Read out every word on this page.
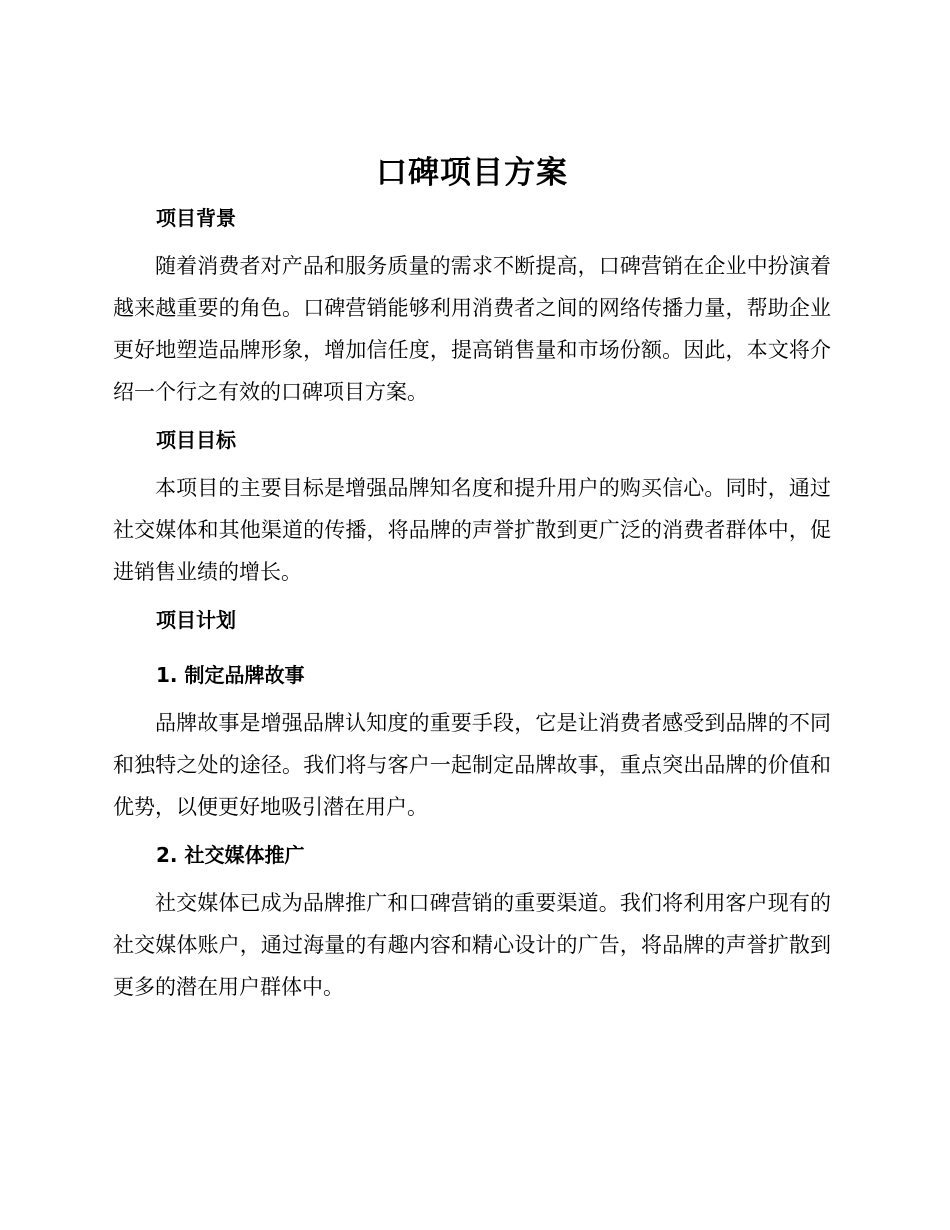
口碑项目方案
项目背景

随着消费者对产品和服务质量的需求不断提高，口碑营销在企业中扮演着越来越重要的角色。口碑营销能够利用消费者之间的网络传播力量，帮助企业更好地塑造品牌形象，增加信任度，提高销售量和市场份额。因此，本文将介绍一个行之有效的口碑项目方案。

项目目标

本项目的主要目标是增强品牌知名度和提升用户的购买信心。同时，通过社交媒体和其他渠道的传播，将品牌的声誉扩散到更广泛的消费者群体中，促进销售业绩的增长。

项目计划
1. 制定品牌故事

品牌故事是增强品牌认知度的重要手段，它是让消费者感受到品牌的不同和独特之处的途径。我们将与客户一起制定品牌故事，重点突出品牌的价值和优势，以便更好地吸引潜在用户。

2. 社交媒体推广

社交媒体已成为品牌推广和口碑营销的重要渠道。我们将利用客户现有的社交媒体账户，通过海量的有趣内容和精心设计的广告，将品牌的声誉扩散到更多的潜在用户群体中。
